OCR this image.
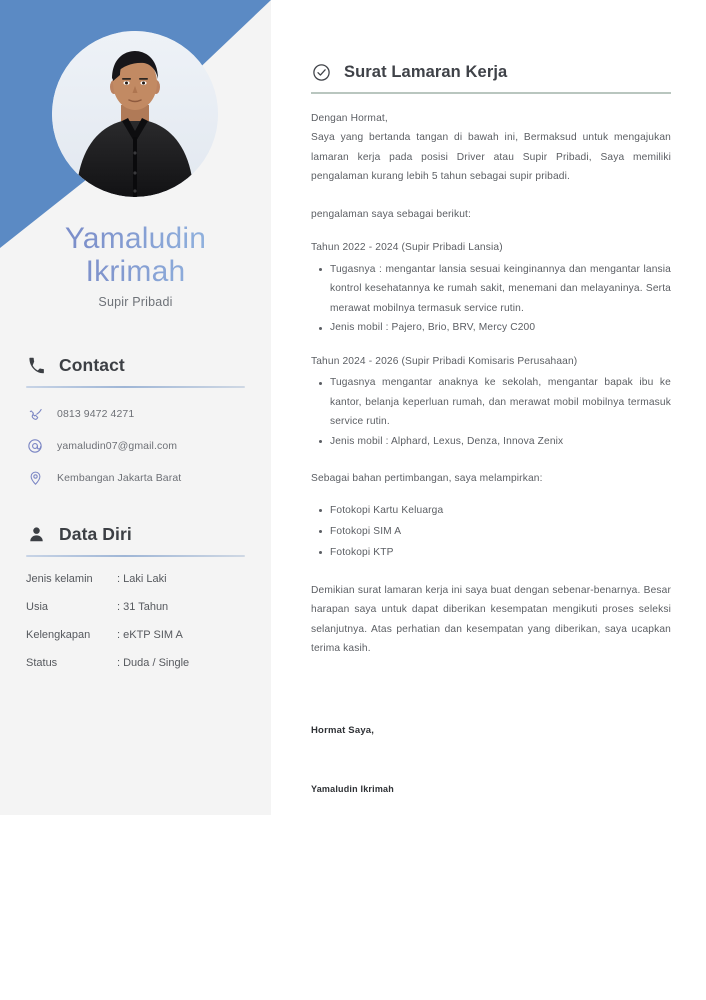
Yamaludin
Ikrimah
Supir Pribadi
Contact
0813 9472 4271
yamaludin07@gmail.com
Kembangan Jakarta Barat
Data Diri
Jenis kelamin	: Laki Laki
Usia	: 31 Tahun
Kelengkapan	: eKTP SIM A
Status	: Duda / Single
Surat Lamaran Kerja
Dengan Hormat,
Saya yang bertanda tangan di bawah ini, Bermaksud untuk mengajukan lamaran kerja pada posisi Driver atau Supir Pribadi, Saya memiliki pengalaman kurang lebih 5 tahun sebagai supir pribadi.
pengalaman saya sebagai berikut:
Tahun 2022 - 2024 (Supir Pribadi Lansia)
Tugasnya : mengantar lansia sesuai keinginannya dan mengantar lansia kontrol kesehatannya ke rumah sakit, menemani dan melayaninya. Serta merawat mobilnya termasuk service rutin.
Jenis mobil : Pajero, Brio, BRV, Mercy C200
Tahun 2024 - 2026 (Supir Pribadi Komisaris Perusahaan)
Tugasnya mengantar anaknya ke sekolah, mengantar bapak ibu ke kantor, belanja keperluan rumah, dan merawat mobil mobilnya termasuk service rutin.
Jenis mobil : Alphard, Lexus, Denza, Innova Zenix
Sebagai bahan pertimbangan, saya melampirkan:
Fotokopi Kartu Keluarga
Fotokopi SIM A
Fotokopi KTP
Demikian surat lamaran kerja ini saya buat dengan sebenar-benarnya. Besar harapan saya untuk dapat diberikan kesempatan mengikuti proses seleksi selanjutnya. Atas perhatian dan kesempatan yang diberikan, saya ucapkan terima kasih.
Hormat Saya,
Yamaludin Ikrimah
